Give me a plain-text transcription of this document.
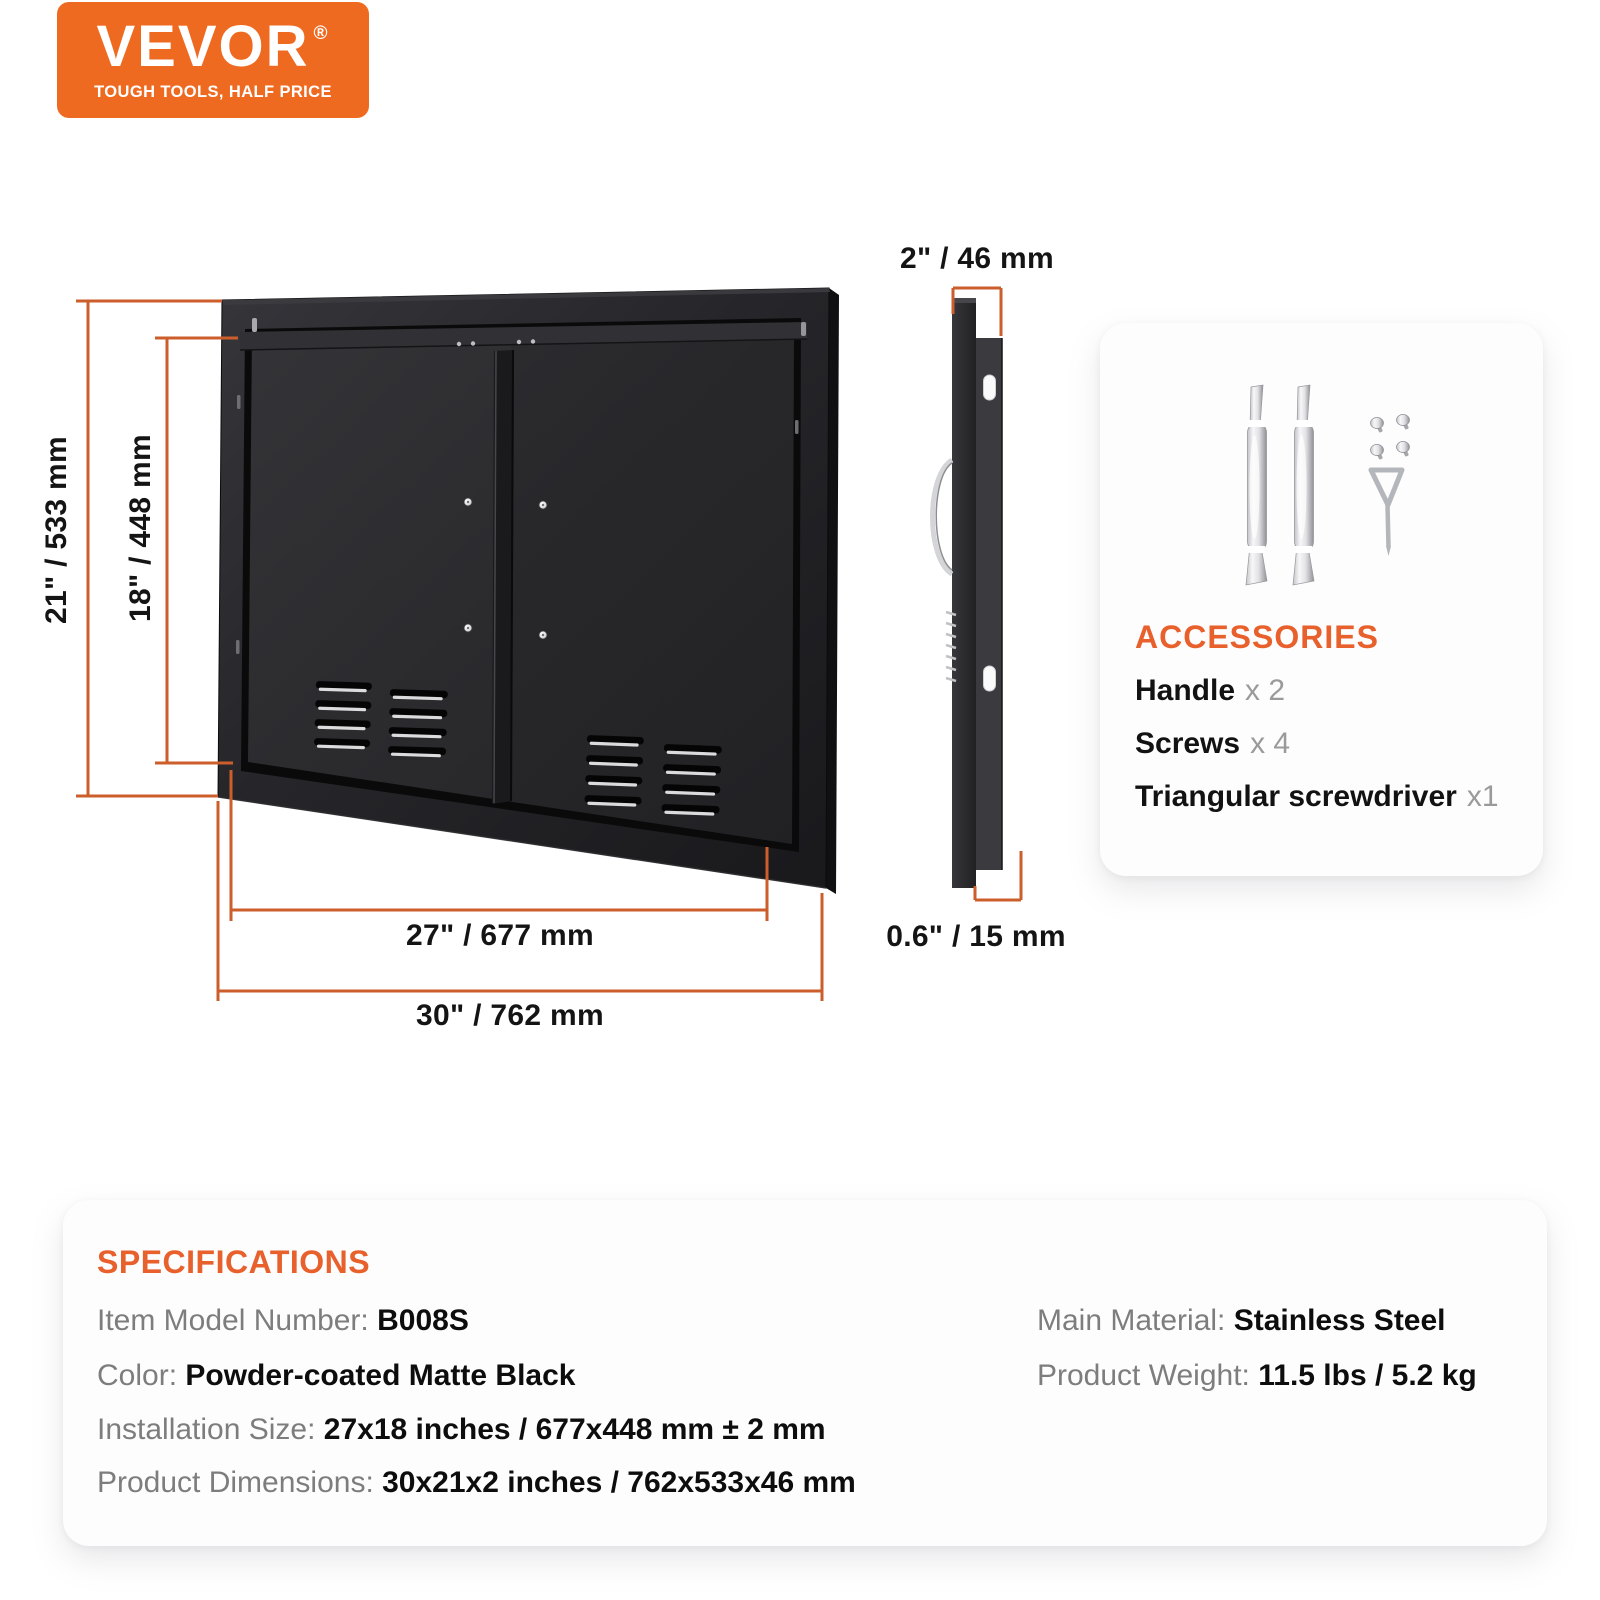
VEVOR ®
TOUGH TOOLS, HALF PRICE
21" / 533 mm 18" / 448 mm
27" / 677 mm
30" / 762 mm
2" / 46 mm
0.6" / 15 mm
ACCESSORIES
Handle x 2
Screws x 4
Triangular screwdriver x1
SPECIFICATIONS
Item Model Number: B008S
Color: Powder-coated Matte Black
Installation Size: 27x18 inches / 677x448 mm ± 2 mm
Product Dimensions: 30x21x2 inches / 762x533x46 mm
Main Material: Stainless Steel
Product Weight: 11.5 lbs / 5.2 kg
